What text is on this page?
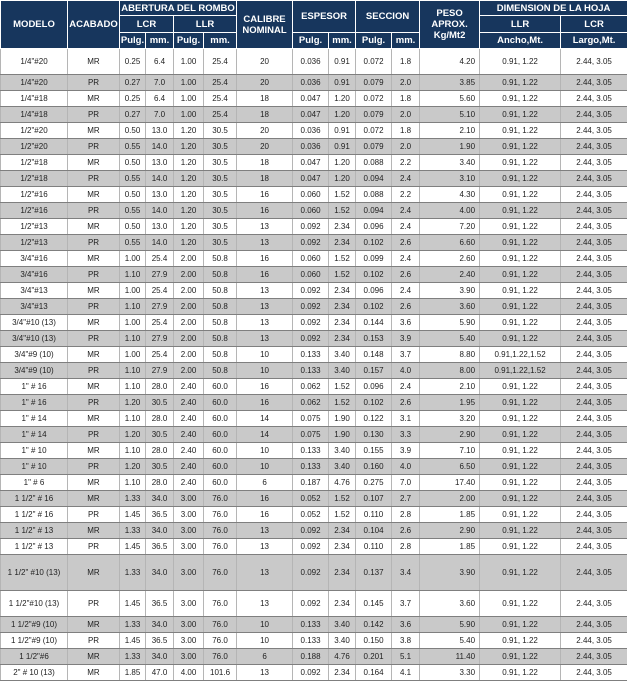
MODELO	ACABADO	ABERTURA DEL ROMBO				CALIBRE NOMINAL	ESPESOR		SECCION		PESO APROX. Kg/Mt2	DIMENSION DE LA HOJA	
		LCR		LLR								LLR	LCR
		Pulg.	mm.	Pulg.	mm.		Pulg.	mm.	Pulg.	mm.		Ancho,Mt.	Largo,Mt.
1/4"#20	MR	0.25	6.4	1.00	25.4	20	0.036	0.91	0.072	1.8	4.20	0.91, 1.22	2.44, 3.05
1/4"#20	PR	0.27	7.0	1.00	25.4	20	0.036	0.91	0.079	2.0	3.85	0.91, 1.22	2.44, 3.05
1/4"#18	MR	0.25	6.4	1.00	25.4	18	0.047	1.20	0.072	1.8	5.60	0.91, 1.22	2.44, 3.05
1/4"#18	PR	0.27	7.0	1.00	25.4	18	0.047	1.20	0.079	2.0	5.10	0.91, 1.22	2.44, 3.05
1/2"#20	MR	0.50	13.0	1.20	30.5	20	0.036	0.91	0.072	1.8	2.10	0.91, 1.22	2.44, 3.05
1/2"#20	PR	0.55	14.0	1.20	30.5	20	0.036	0.91	0.079	2.0	1.90	0.91, 1.22	2.44, 3.05
1/2"#18	MR	0.50	13.0	1.20	30.5	18	0.047	1.20	0.088	2.2	3.40	0.91, 1.22	2.44, 3.05
1/2"#18	PR	0.55	14.0	1.20	30.5	18	0.047	1.20	0.094	2.4	3.10	0.91, 1.22	2.44, 3.05
1/2"#16	MR	0.50	13.0	1.20	30.5	16	0.060	1.52	0.088	2.2	4.30	0.91, 1.22	2.44, 3.05
1/2"#16	PR	0.55	14.0	1.20	30.5	16	0.060	1.52	0.094	2.4	4.00	0.91, 1.22	2.44, 3.05
1/2"#13	MR	0.50	13.0	1.20	30.5	13	0.092	2.34	0.096	2.4	7.20	0.91, 1.22	2.44, 3.05
1/2"#13	PR	0.55	14.0	1.20	30.5	13	0.092	2.34	0.102	2.6	6.60	0.91, 1.22	2.44, 3.05
3/4"#16	MR	1.00	25.4	2.00	50.8	16	0.060	1.52	0.099	2.4	2.60	0.91, 1.22	2.44, 3.05
3/4"#16	PR	1.10	27.9	2.00	50.8	16	0.060	1.52	0.102	2.6	2.40	0.91, 1.22	2.44, 3.05
3/4"#13	MR	1.00	25.4	2.00	50.8	13	0.092	2.34	0.096	2.4	3.90	0.91, 1.22	2.44, 3.05
3/4"#13	PR	1.10	27.9	2.00	50.8	13	0.092	2.34	0.102	2.6	3.60	0.91, 1.22	2.44, 3.05
3/4"#10 (13)	MR	1.00	25.4	2.00	50.8	13	0.092	2.34	0.144	3.6	5.90	0.91, 1.22	2.44, 3.05
3/4"#10 (13)	PR	1.10	27.9	2.00	50.8	13	0.092	2.34	0.153	3.9	5.40	0.91, 1.22	2.44, 3.05
3/4"#9 (10)	MR	1.00	25.4	2.00	50.8	10	0.133	3.40	0.148	3.7	8.80	0.91,1.22,1.52	2.44, 3.05
3/4"#9 (10)	PR	1.10	27.9	2.00	50.8	10	0.133	3.40	0.157	4.0	8.00	0.91,1.22,1.52	2.44, 3.05
1" # 16	MR	1.10	28.0	2.40	60.0	16	0.062	1.52	0.096	2.4	2.10	0.91, 1.22	2.44, 3.05
1" # 16	PR	1.20	30.5	2.40	60.0	16	0.062	1.52	0.102	2.6	1.95	0.91, 1.22	2.44, 3.05
1" # 14	MR	1.10	28.0	2.40	60.0	14	0.075	1.90	0.122	3.1	3.20	0.91, 1.22	2.44, 3.05
1" # 14	PR	1.20	30.5	2.40	60.0	14	0.075	1.90	0.130	3.3	2.90	0.91, 1.22	2.44, 3.05
1" # 10	MR	1.10	28.0	2.40	60.0	10	0.133	3.40	0.155	3.9	7.10	0.91, 1.22	2.44, 3.05
1" # 10	PR	1.20	30.5	2.40	60.0	10	0.133	3.40	0.160	4.0	6.50	0.91, 1.22	2.44, 3.05
1" # 6	MR	1.10	28.0	2.40	60.0	6	0.187	4.76	0.275	7.0	17.40	0.91, 1.22	2.44, 3.05
1 1/2" # 16	MR	1.33	34.0	3.00	76.0	16	0.052	1.52	0.107	2.7	2.00	0.91, 1.22	2.44, 3.05
1 1/2" # 16	PR	1.45	36.5	3.00	76.0	16	0.052	1.52	0.110	2.8	1.85	0.91, 1.22	2.44, 3.05
1 1/2" # 13	MR	1.33	34.0	3.00	76.0	13	0.092	2.34	0.104	2.6	2.90	0.91, 1.22	2.44, 3.05
1 1/2" # 13	PR	1.45	36.5	3.00	76.0	13	0.092	2.34	0.110	2.8	1.85	0.91, 1.22	2.44, 3.05
1 1/2" #10 (13)	MR	1.33	34.0	3.00	76.0	13	0.092	2.34	0.137	3.4	3.90	0.91, 1.22	2.44, 3.05
1 1/2"#10 (13)	PR	1.45	36.5	3.00	76.0	13	0.092	2.34	0.145	3.7	3.60	0.91, 1.22	2.44, 3.05
1 1/2"#9 (10)	MR	1.33	34.0	3.00	76.0	10	0.133	3.40	0.142	3.6	5.90	0.91, 1.22	2.44, 3.05
1 1/2"#9 (10)	PR	1.45	36.5	3.00	76.0	10	0.133	3.40	0.150	3.8	5.40	0.91, 1.22	2.44, 3.05
1 1/2"#6	MR	1.33	34.0	3.00	76.0	6	0.188	4.76	0.201	5.1	11.40	0.91, 1.22	2.44, 3.05
2" # 10 (13)	MR	1.85	47.0	4.00	101.6	13	0.092	2.34	0.164	4.1	3.30	0.91, 1.22	2.44, 3.05
